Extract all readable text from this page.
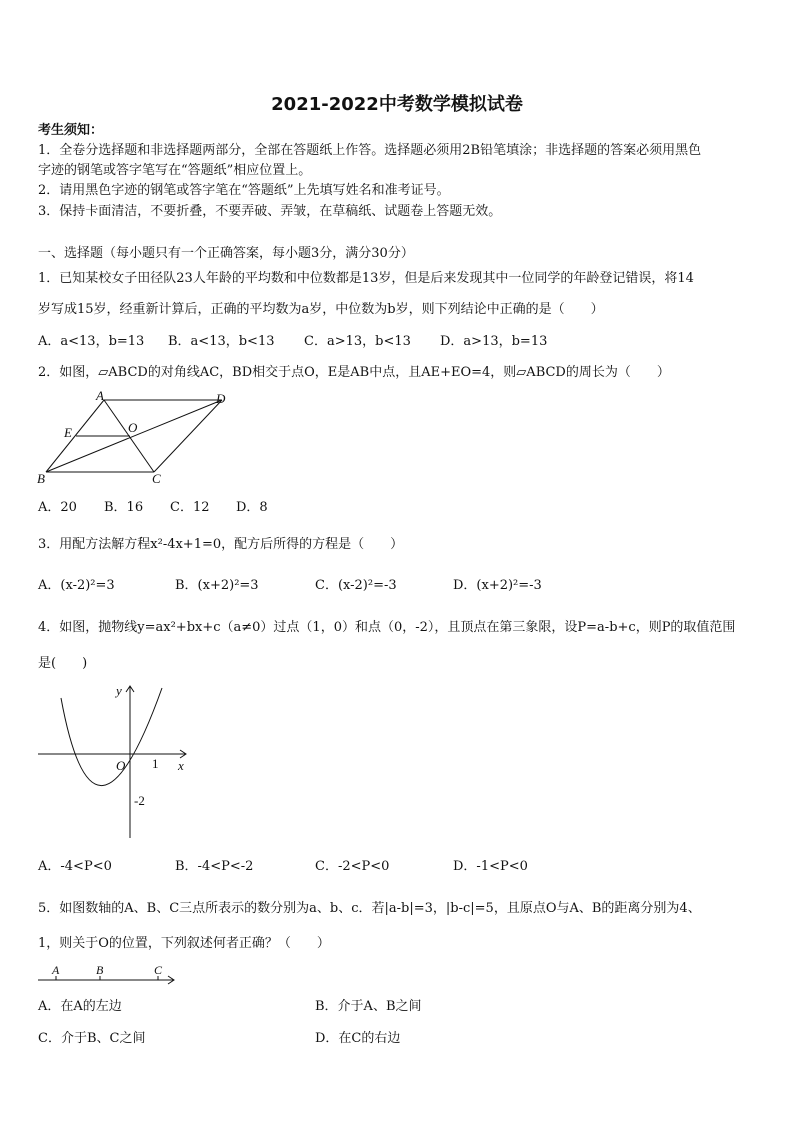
2021-2022中考数学模拟试卷
考生须知：
1．全卷分选择题和非选择题两部分，全部在答题纸上作答。选择题必须用2B铅笔填涂；非选择题的答案必须用黑色
字迹的钢笔或答字笔写在“答题纸”相应位置上。
2．请用黑色字迹的钢笔或答字笔在“答题纸”上先填写姓名和准考证号。
3．保持卡面清洁，不要折叠，不要弄破、弄皱，在草稿纸、试题卷上答题无效。
一、选择题（每小题只有一个正确答案，每小题3分，满分30分）
1．已知某校女子田径队23人年龄的平均数和中位数都是13岁，但是后来发现其中一位同学的年龄登记错误，将14
岁写成15岁，经重新计算后，正确的平均数为a岁，中位数为b岁，则下列结论中正确的是（　　）
A．a<13，b=13 B．a<13，b<13 C．a>13，b<13 D．a>13，b=13
2．如图，▱ABCD的对角线AC，BD相交于点O，E是AB中点，且AE+EO=4，则▱ABCD的周长为（　　）
A	D
E	O
B	C
A．20 B．16 C．12 D．8
3．用配方法解方程x²-4x+1=0，配方后所得的方程是（　　）
A．(x-2)²=3	B．(x+2)²=3	C．(x-2)²=-3	D．(x+2)²=-3
4．如图，抛物线y=ax²+bx+c（a≠0）过点（1，0）和点（0，-2），且顶点在第三象限，设P=a-b+c，则P的取值范围
是(　　)
y
x
O 1
-2
A．-4<P<0	B．-4<P<-2	C．-2<P<0	D．-1<P<0
5．如图数轴的A、B、C三点所表示的数分别为a、b、c．若|a-b|=3，|b-c|=5，且原点O与A、B的距离分别为4、
1，则关于O的位置，下列叙述何者正确？（　　）
A	B	C
A．在A的左边	B．介于A、B之间
C．介于B、C之间	D．在C的右边
